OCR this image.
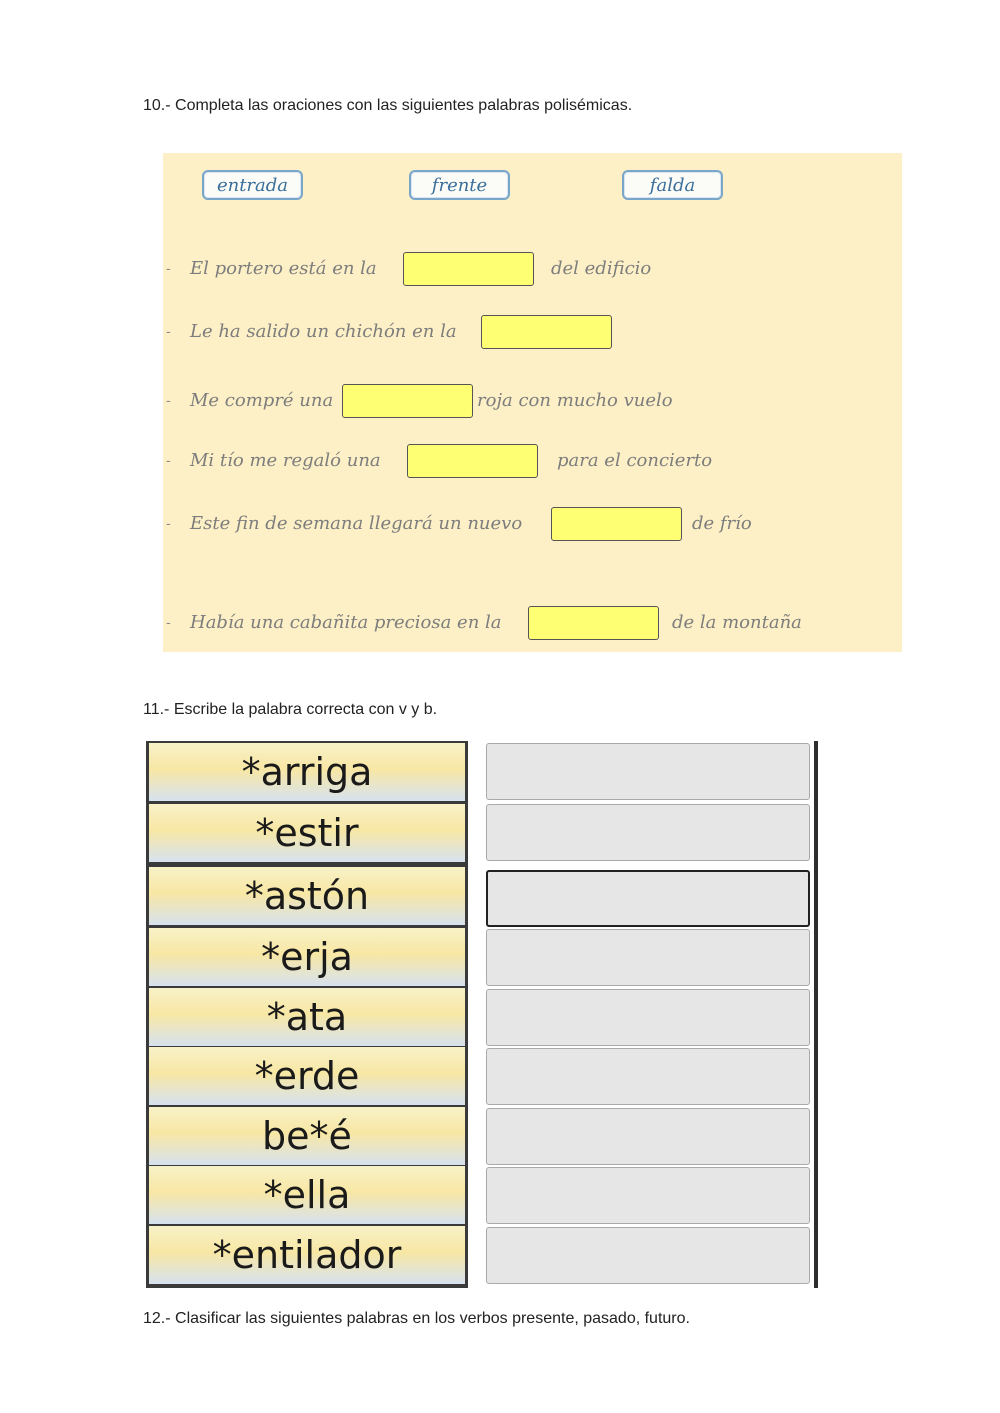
10.- Completa las oraciones con las siguientes palabras polisémicas.
entrada	frente	falda
- El portero está en la	del edificio
- Le ha salido un chichón en la
- Me compré una	roja con mucho vuelo
- Mi tío me regaló una	para el concierto
- Este fin de semana llegará un nuevo	de frío
- Había una cabañita preciosa en la	de la montaña
11.- Escribe la palabra correcta con v y b.
*arriga
*estir
*astón
*erja
*ata
*erde
be*é
*ella
*entilador
12.- Clasificar las siguientes palabras en los verbos presente, pasado, futuro.
